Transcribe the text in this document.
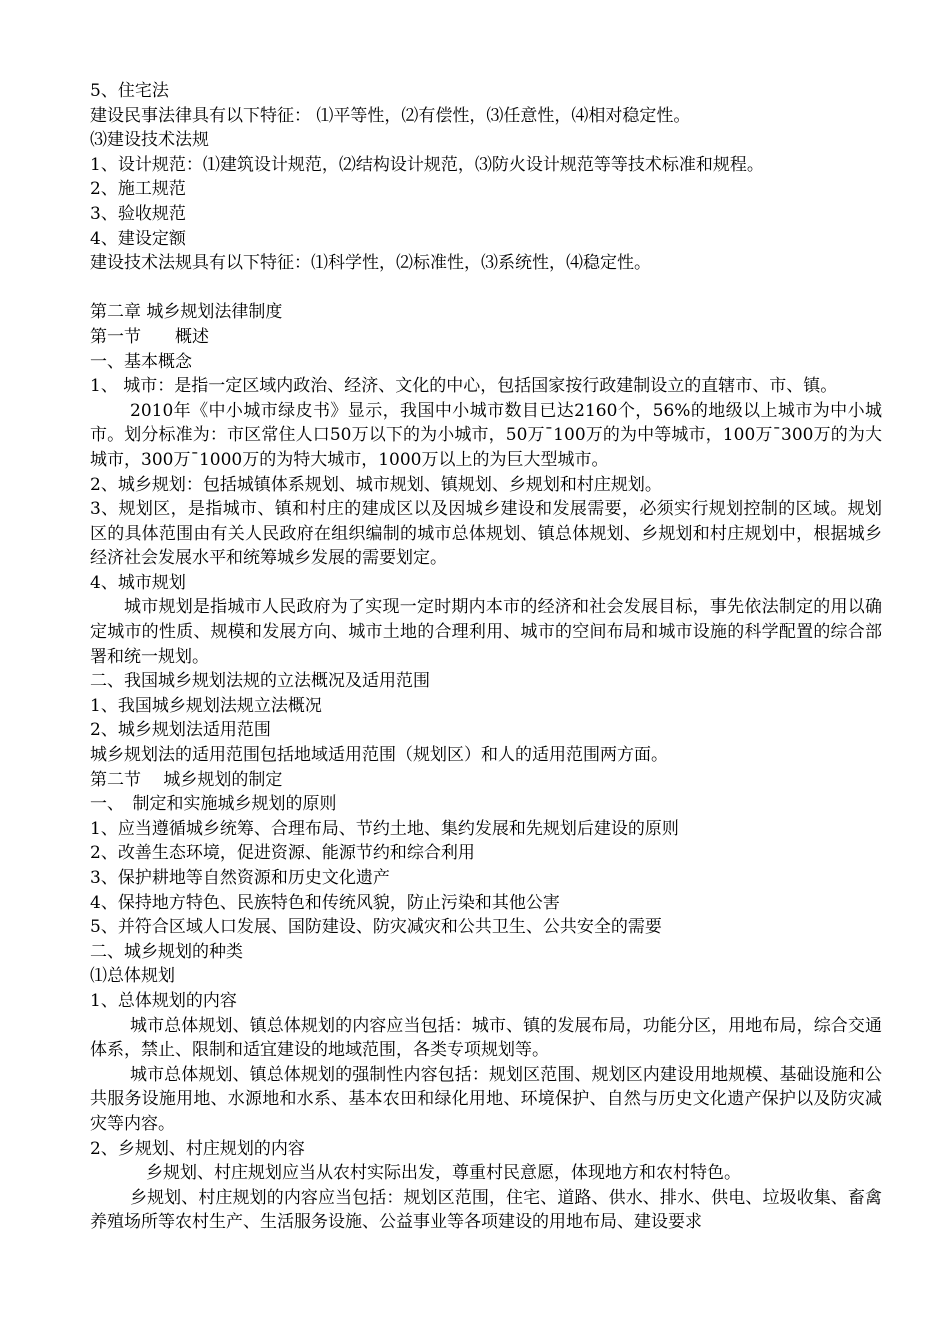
5、住宅法
建设民事法律具有以下特征： ⑴平等性，⑵有偿性，⑶任意性，⑷相对稳定性。
⑶建设技术法规
1、设计规范：⑴建筑设计规范，⑵结构设计规范，⑶防火设计规范等等技术标准和规程。
2、施工规范
3、验收规范
4、建设定额
建设技术法规具有以下特征：⑴科学性，⑵标准性，⑶系统性，⑷稳定性。
第二章 城乡规划法律制度
第一节　　概述
一、基本概念
1、 城市：是指一定区域内政治、经济、文化的中心，包括国家按行政建制设立的直辖市、市、镇。
2010年《中小城市绿皮书》显示，我国中小城市数目已达2160个，56%的地级以上城市为中小城市。划分标准为：市区常住人口50万以下的为小城市，50万¯100万的为中等城市，100万¯300万的为大城市，300万¯1000万的为特大城市，1000万以上的为巨大型城市。
2、城乡规划：包括城镇体系规划、城市规划、镇规划、乡规划和村庄规划。
3、规划区，是指城市、镇和村庄的建成区以及因城乡建设和发展需要，必须实行规划控制的区域。规划区的具体范围由有关人民政府在组织编制的城市总体规划、镇总体规划、乡规划和村庄规划中，根据城乡经济社会发展水平和统筹城乡发展的需要划定。
4、城市规划
城市规划是指城市人民政府为了实现一定时期内本市的经济和社会发展目标，事先依法制定的用以确定城市的性质、规模和发展方向、城市土地的合理利用、城市的空间布局和城市设施的科学配置的综合部署和统一规划。
二、我国城乡规划法规的立法概况及适用范围
1、我国城乡规划法规立法概况
2、城乡规划法适用范围
城乡规划法的适用范围包括地域适用范围（规划区）和人的适用范围两方面。
第二节　 城乡规划的制定
一、　制定和实施城乡规划的原则
1、应当遵循城乡统筹、合理布局、节约土地、集约发展和先规划后建设的原则
2、改善生态环境，促进资源、能源节约和综合利用
3、保护耕地等自然资源和历史文化遗产
4、保持地方特色、民族特色和传统风貌，防止污染和其他公害
5、并符合区域人口发展、国防建设、防灾减灾和公共卫生、公共安全的需要
二、城乡规划的种类
⑴总体规划
1、总体规划的内容
城市总体规划、镇总体规划的内容应当包括：城市、镇的发展布局，功能分区，用地布局，综合交通体系，禁止、限制和适宜建设的地域范围，各类专项规划等。
城市总体规划、镇总体规划的强制性内容包括：规划区范围、规划区内建设用地规模、基础设施和公共服务设施用地、水源地和水系、基本农田和绿化用地、环境保护、自然与历史文化遗产保护以及防灾减灾等内容。
2、乡规划、村庄规划的内容
乡规划、村庄规划应当从农村实际出发，尊重村民意愿，体现地方和农村特色。
乡规划、村庄规划的内容应当包括：规划区范围，住宅、道路、供水、排水、供电、垃圾收集、畜禽养殖场所等农村生产、生活服务设施、公益事业等各项建设的用地布局、建设要求
